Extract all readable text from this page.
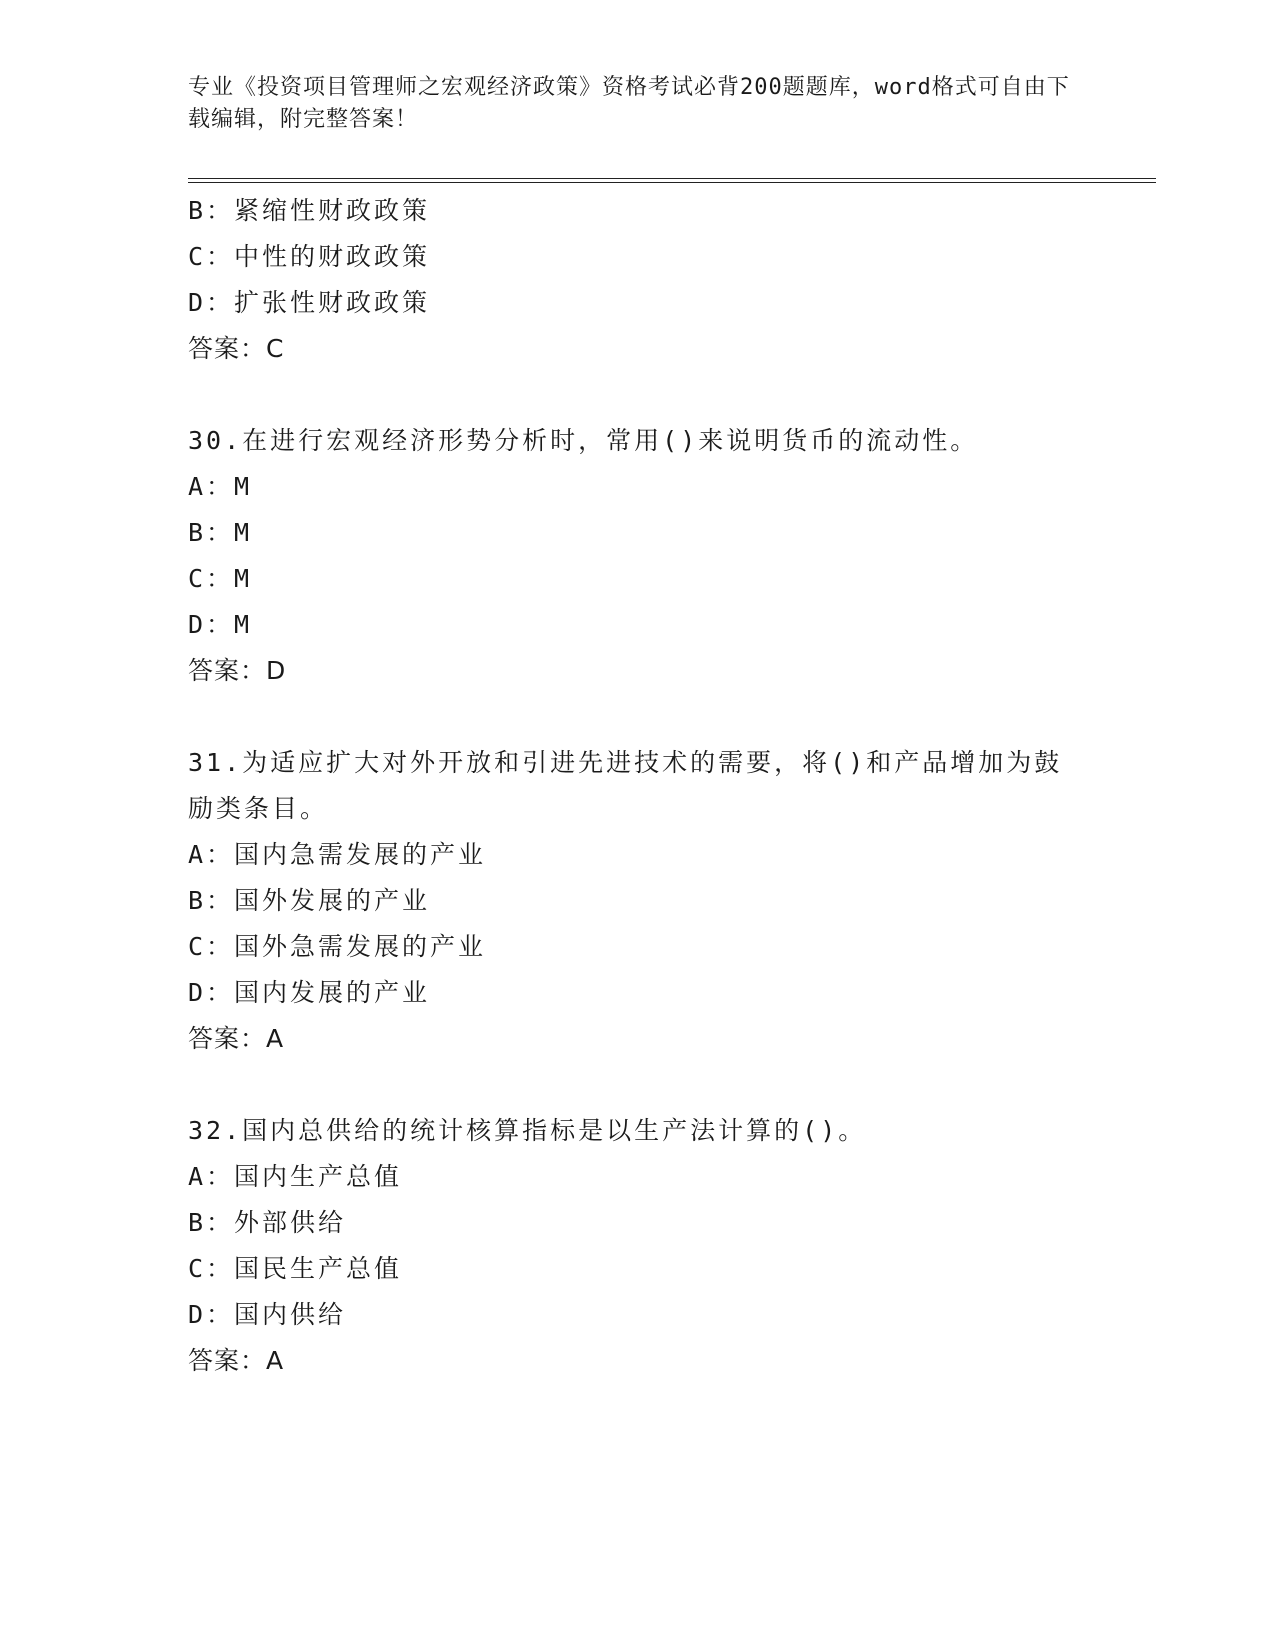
专业《投资项目管理师之宏观经济政策》资格考试必背200题题库，word格式可自由下载编辑，附完整答案！
B：紧缩性财政政策
C：中性的财政政策
D：扩张性财政政策
答案：C
30.在进行宏观经济形势分析时，常用()来说明货币的流动性。
A：M
B：M
C：M
D：M
答案：D
31.为适应扩大对外开放和引进先进技术的需要，将()和产品增加为鼓励类条目。
A：国内急需发展的产业
B：国外发展的产业
C：国外急需发展的产业
D：国内发展的产业
答案：A
32.国内总供给的统计核算指标是以生产法计算的()。
A：国内生产总值
B：外部供给
C：国民生产总值
D：国内供给
答案：A
